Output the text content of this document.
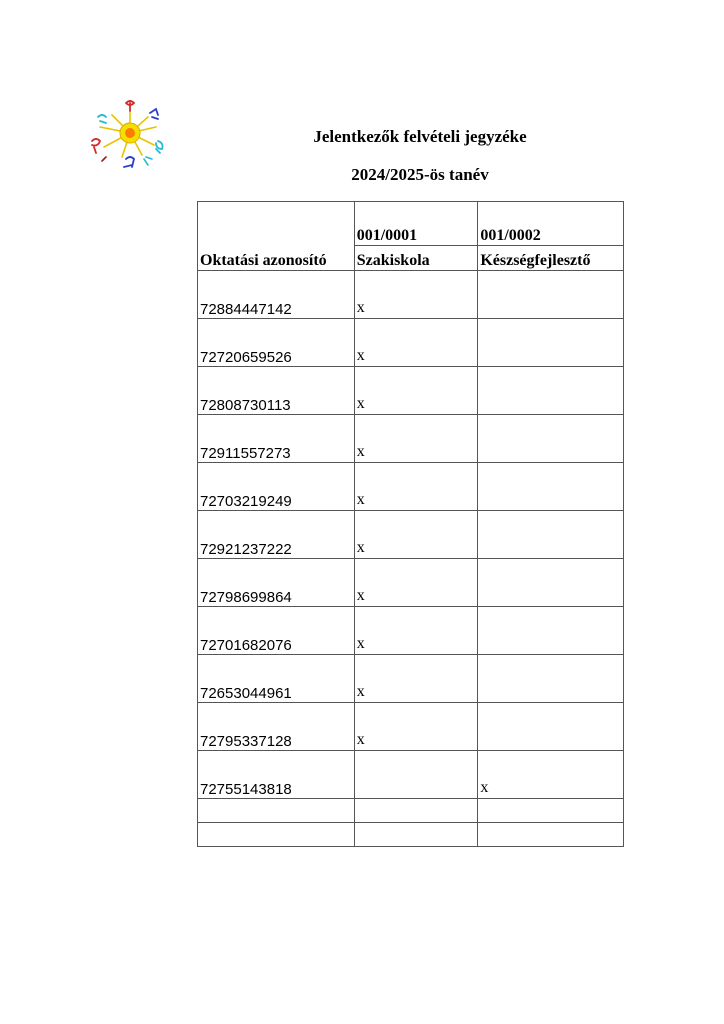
Jelentkezők felvételi jegyzéke
2024/2025-ös tanév
Oktatási azonosító	001/0001	001/0002
	Szakiskola	Készségfejlesztő

72884447142	x	

72720659526	x	

72808730113	x	

72911557273	x	

72703219249	x	

72921237222	x	

72798699864	x	

72701682076	x	

72653044961	x	

72795337128	x	

72755143818		x
